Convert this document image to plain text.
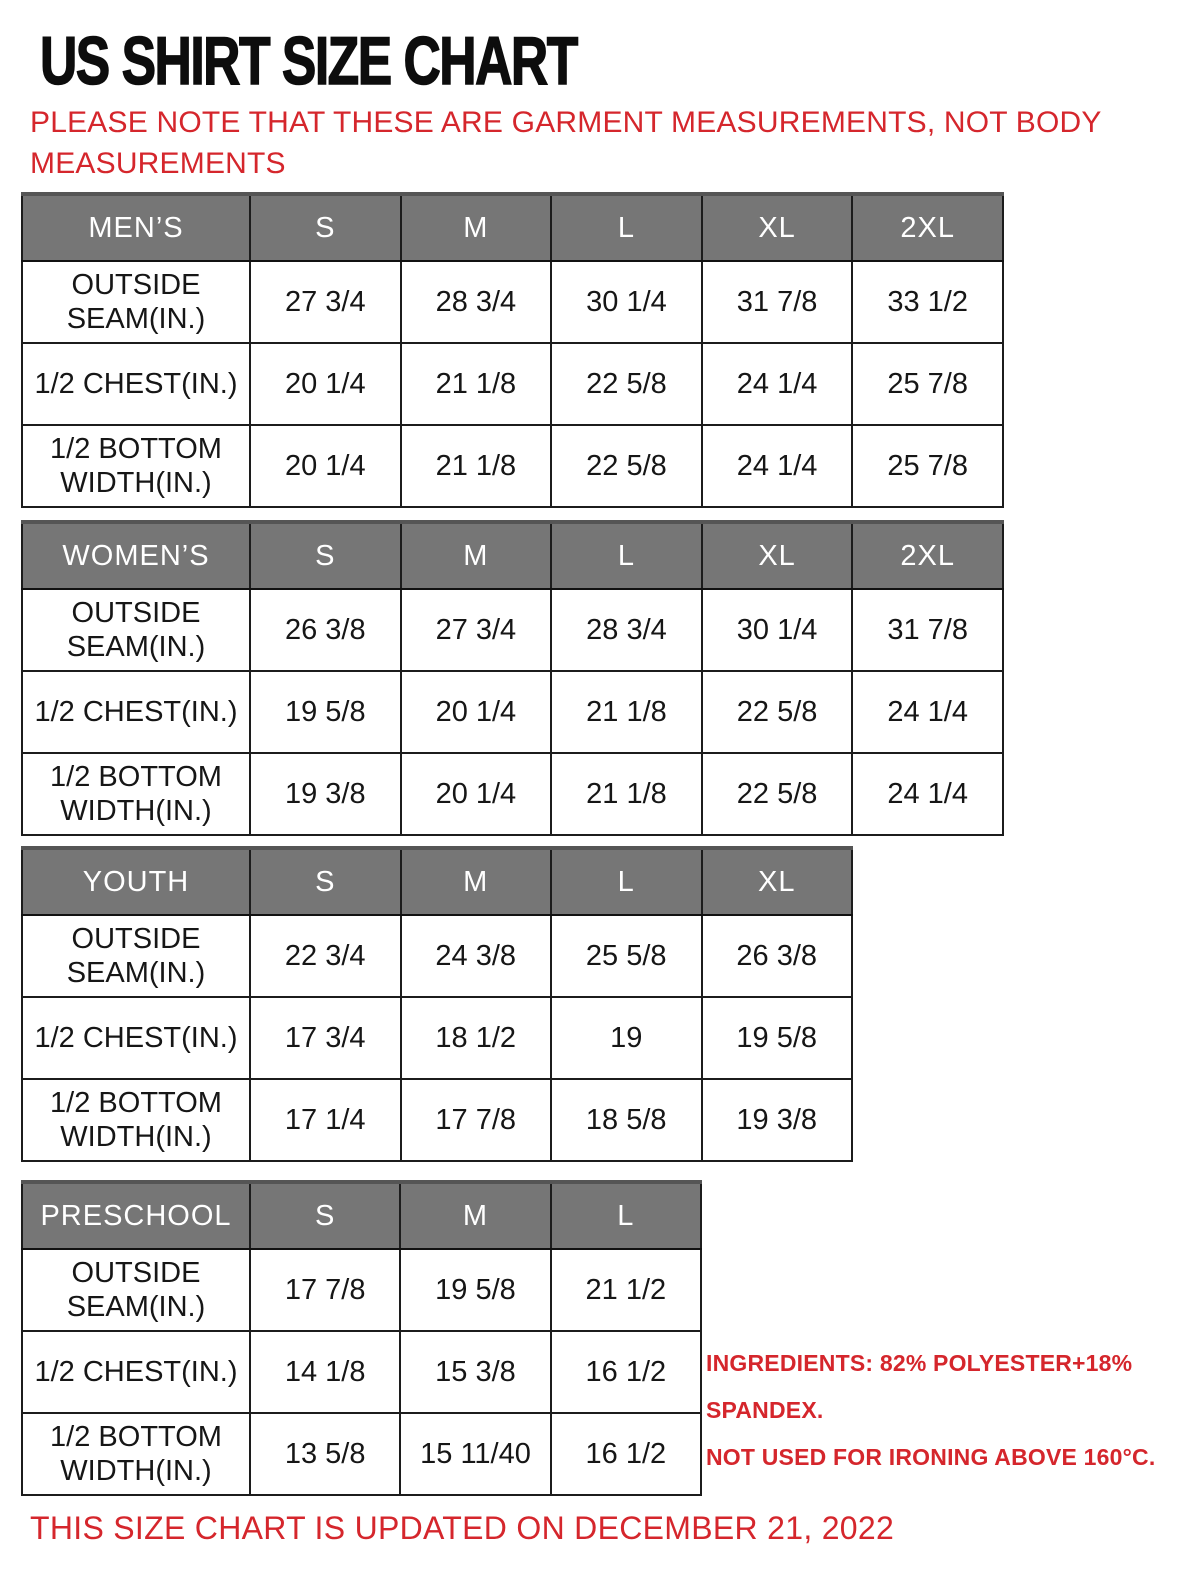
US SHIRT SIZE CHART
PLEASE NOTE THAT THESE ARE GARMENT MEASUREMENTS, NOT BODY MEASUREMENTS
MEN’S	S	M	L	XL	2XL
OUTSIDE SEAM(IN.)	27 3/4	28 3/4	30 1/4	31 7/8	33 1/2
1/2 CHEST(IN.)	20 1/4	21 1/8	22 5/8	24 1/4	25 7/8
1/2 BOTTOM WIDTH(IN.)	20 1/4	21 1/8	22 5/8	24 1/4	25 7/8
WOMEN’S	S	M	L	XL	2XL
OUTSIDE SEAM(IN.)	26 3/8	27 3/4	28 3/4	30 1/4	31 7/8
1/2 CHEST(IN.)	19 5/8	20 1/4	21 1/8	22 5/8	24 1/4
1/2 BOTTOM WIDTH(IN.)	19 3/8	20 1/4	21 1/8	22 5/8	24 1/4
YOUTH	S	M	L	XL
OUTSIDE SEAM(IN.)	22 3/4	24 3/8	25 5/8	26 3/8
1/2 CHEST(IN.)	17 3/4	18 1/2	19	19 5/8
1/2 BOTTOM WIDTH(IN.)	17 1/4	17 7/8	18 5/8	19 3/8
PRESCHOOL	S	M	L
OUTSIDE SEAM(IN.)	17 7/8	19 5/8	21 1/2
1/2 CHEST(IN.)	14 1/8	15 3/8	16 1/2
1/2 BOTTOM WIDTH(IN.)	13 5/8	15 11/40	16 1/2
INGREDIENTS: 82% POLYESTER+18% SPANDEX.
NOT USED FOR IRONING ABOVE 160°C.
THIS SIZE CHART IS UPDATED ON DECEMBER 21, 2022
